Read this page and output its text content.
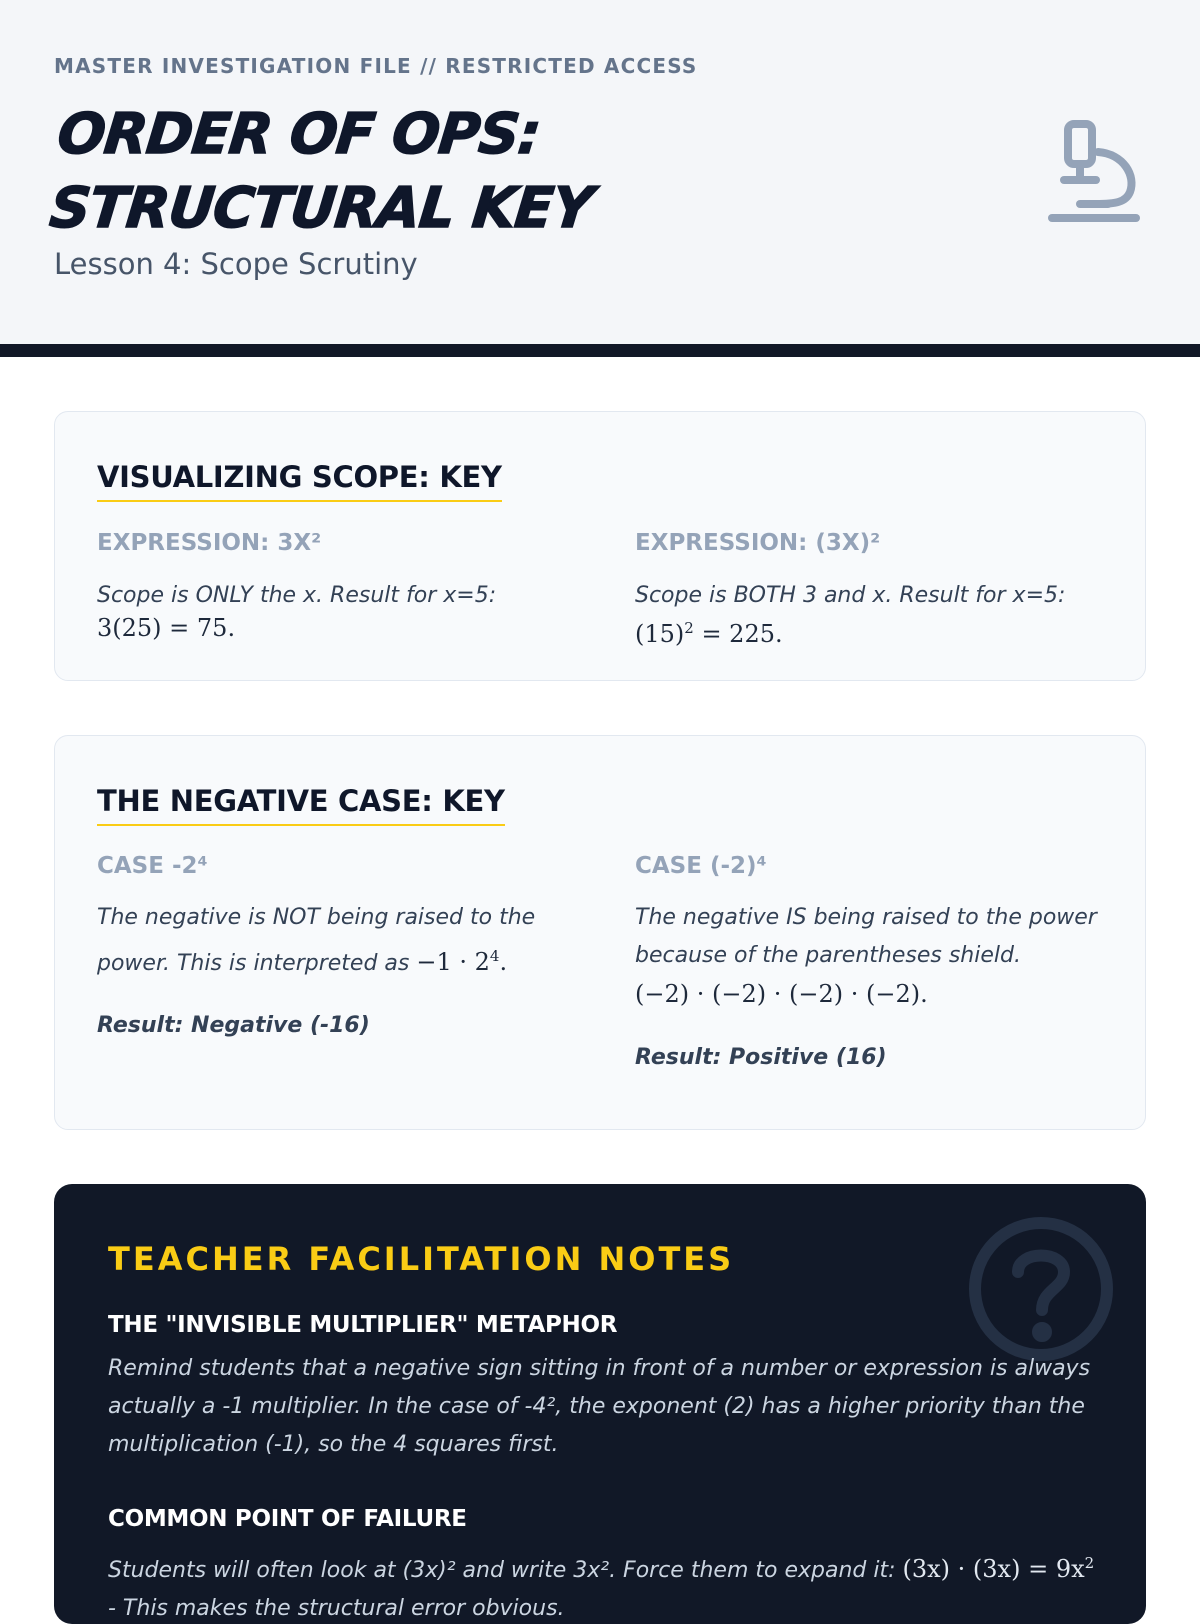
MASTER INVESTIGATION FILE // RESTRICTED ACCESS
ORDER OF OPS:
STRUCTURAL KEY
Lesson 4: Scope Scrutiny
VISUALIZING SCOPE: KEY
EXPRESSION: 3X²
Scope is ONLY the x. Result for x=5:
3(25) = 75.
EXPRESSION: (3X)²
Scope is BOTH 3 and x. Result for x=5:
$(15)^2 = 225$.
THE NEGATIVE CASE: KEY
CASE -2⁴
The negative is NOT being raised to the power. This is interpreted as $-1 \cdot 2^4$.
Result: Negative (-16)
CASE (-2)⁴
The negative IS being raised to the power because of the parentheses shield.
(−2) · (−2) · (−2) · (−2).
Result: Positive (16)
TEACHER FACILITATION NOTES
THE "INVISIBLE MULTIPLIER" METAPHOR
Remind students that a negative sign sitting in front of a number or expression is always actually a -1 multiplier. In the case of -4², the exponent (2) has a higher priority than the multiplication (-1), so the 4 squares first.
COMMON POINT OF FAILURE
Students will often look at (3x)² and write 3x². Force them to expand it: $(3x) \cdot (3x) = 9x^2$ - This makes the structural error obvious.
